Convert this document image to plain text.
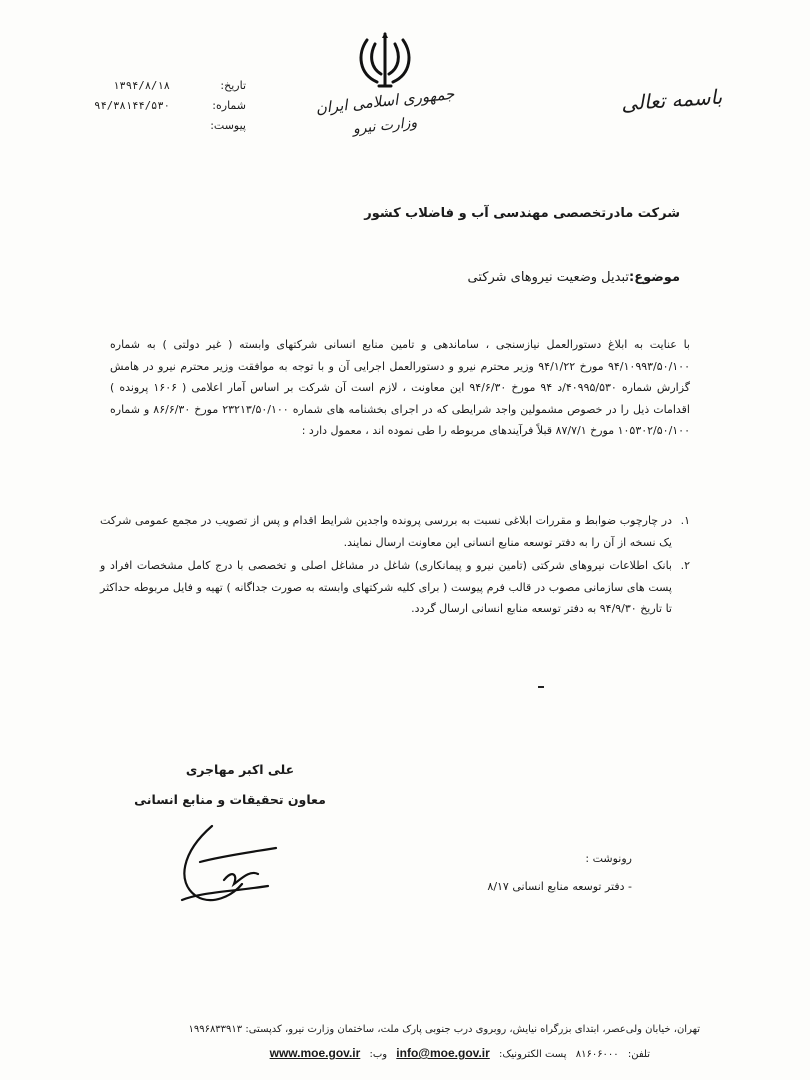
باسمه تعالی
جمهوری اسلامی ایران
وزارت نیرو
تاریخ:
شماره:
پیوست:
۱۳۹۴/۸/۱۸
۹۴/۳۸۱۴۴/۵۳۰
شرکت مادرتخصصی مهندسی آب و فاضلاب کشور
موضوع:تبدیل وضعیت نیروهای شرکتی
با عنایت به ابلاغ دستورالعمل نیازسنجی ، ساماندهی و تامین منابع انسانی شرکتهای وابسته ( غیر دولتی ) به شماره ۹۴/۱۰۹۹۳/۵۰/۱۰۰ مورخ ۹۴/۱/۲۲ وزیر محترم نیرو و دستورالعمل اجرایی آن و با توجه به موافقت وزیر محترم نیرو در هامش گزارش شماره ۴۰۹۹۵/۵۳۰/د ۹۴ مورخ ۹۴/۶/۳۰ این معاونت ، لازم است آن شرکت بر اساس آمار اعلامی ( ۱۶۰۶ پرونده ) اقدامات ذیل را در خصوص مشمولین واجد شرایطی که در اجرای بخشنامه های شماره ۲۳۲۱۳/۵۰/۱۰۰ مورخ ۸۶/۶/۳۰ و شماره ۱۰۵۳۰۲/۵۰/۱۰۰ مورخ ۸۷/۷/۱ قبلاً فرآیندهای مربوطه را طی نموده اند ، معمول دارد :
۱.
در چارچوب ضوابط و مقررات ابلاغی نسبت به بررسی پرونده واجدین شرایط اقدام و پس از تصویب در مجمع عمومی شرکت یک نسخه از آن را به دفتر توسعه منابع انسانی این معاونت ارسال نمایند.
۲.
بانک اطلاعات نیروهای شرکتی (تامین نیرو و پیمانکاری) شاغل در مشاغل اصلی و تخصصی با درج کامل مشخصات افراد و پست های سازمانی مصوب در قالب فرم پیوست ( برای کلیه شرکتهای وابسته به صورت جداگانه ) تهیه و فایل مربوطه حداکثر تا تاریخ ۹۴/۹/۳۰ به دفتر توسعه منابع انسانی ارسال گردد.
علی اکبر مهاجری
معاون تحقیقات و منابع انسانی
رونوشت :
- دفتر توسعه منابع انسانی ۸/۱۷
تهران، خیابان ولی‌عصر، ابتدای بزرگراه نیایش، روبروی درب جنوبی پارک ملت، ساختمان وزارت نیرو، کدپستی: ۱۹۹۶۸۳۳۹۱۳
تلفن: ۸۱۶۰۶۰۰۰ پست الکترونیک: info@moe.gov.ir وب: www.moe.gov.ir
